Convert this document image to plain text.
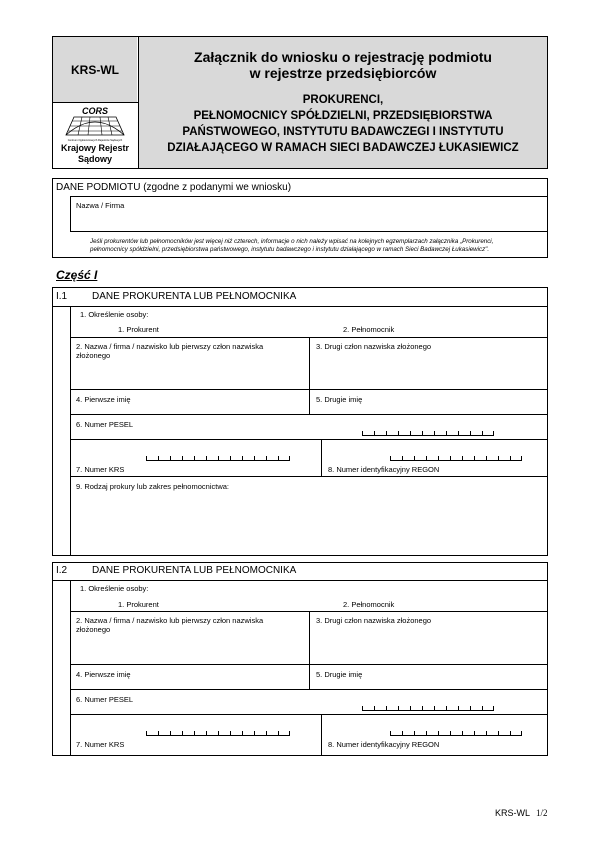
KRS-WL
CORS
Centrum Ogłoszeniowych Rejestrów Sądowych
Krajowy Rejestr
Sądowy
Załącznik do wniosku o rejestrację podmiotu
w rejestrze przedsiębiorców
PROKURENCI,
PEŁNOMOCNICY SPÓŁDZIELNI, PRZEDSIĘBIORSTWA
PAŃSTWOWEGO, INSTYTUTU BADAWCZEGI I INSTYTUTU
DZIAŁAJĄCEGO W RAMACH SIECI BADAWCZEJ ŁUKASIEWICZ
DANE PODMIOTU (zgodne z podanymi we wniosku)
Nazwa / Firma
Jeśli prokurentów lub pełnomocników jest więcej niż czterech, informacje o nich należy wpisać na kolejnych egzemplarzach załącznika „Prokurenci,
pełnomocnicy spółdzielni, przedsiębiorstwa państwowego, instytutu badawczego i instytutu działającego w ramach Sieci Badawczej Łukasiewicz".
Część I
I.1 DANE PROKURENTA LUB PEŁNOMOCNIKA
1. Określenie osoby:
1. Prokurent	2. Pełnomocnik
2. Nazwa / firma / nazwisko lub pierwszy człon nazwiska
złożonego
3. Drugi człon nazwiska złożonego
4. Pierwsze imię	5. Drugie imię
6. Numer PESEL
7. Numer KRS	8. Numer identyfikacyjny REGON
9. Rodzaj prokury lub zakres pełnomocnictwa:
I.2 DANE PROKURENTA LUB PEŁNOMOCNIKA
1. Określenie osoby:
1. Prokurent	2. Pełnomocnik
2. Nazwa / firma / nazwisko lub pierwszy człon nazwiska
złożonego
3. Drugi człon nazwiska złożonego
4. Pierwsze imię	5. Drugie imię
6. Numer PESEL
7. Numer KRS	8. Numer identyfikacyjny REGON
KRS-WL 1/2
